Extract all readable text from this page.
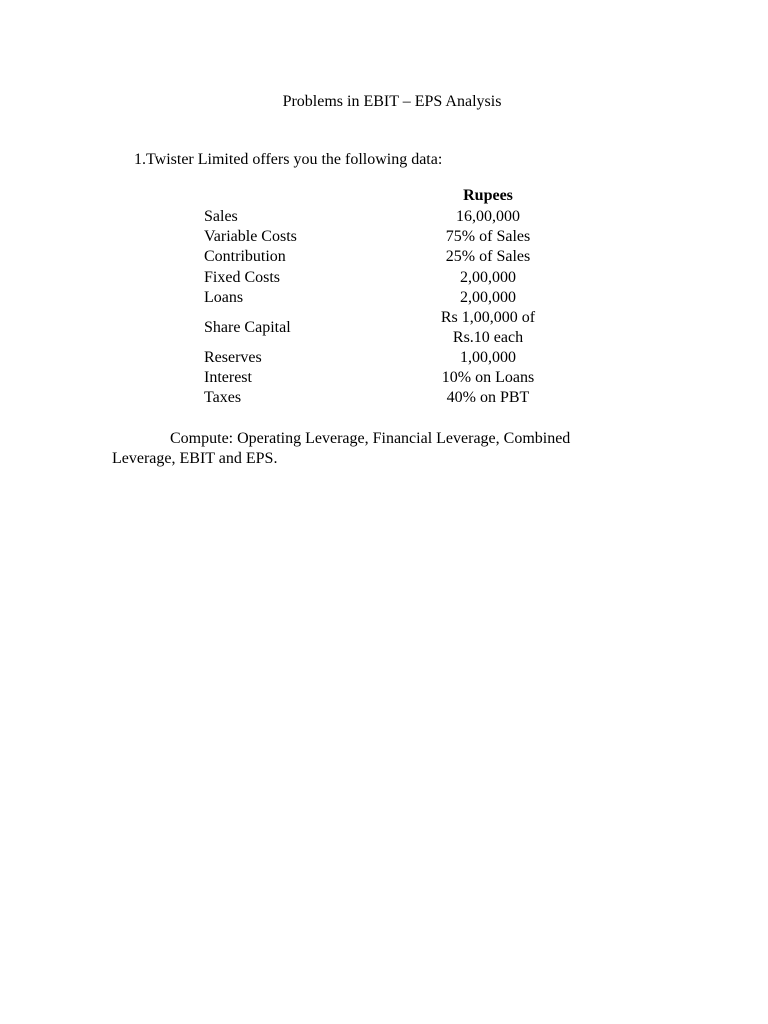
Problems in EBIT – EPS Analysis
1.Twister Limited offers you the following data:
	Rupees
Sales	16,00,000
Variable Costs	75% of Sales
Contribution	25% of Sales
Fixed Costs	2,00,000
Loans	2,00,000
Share Capital	Rs 1,00,000 of
Rs.10 each

Reserves	1,00,000
Interest	10% on Loans
Taxes	40% on PBT
Compute: Operating Leverage, Financial Leverage, Combined Leverage, EBIT and EPS.
